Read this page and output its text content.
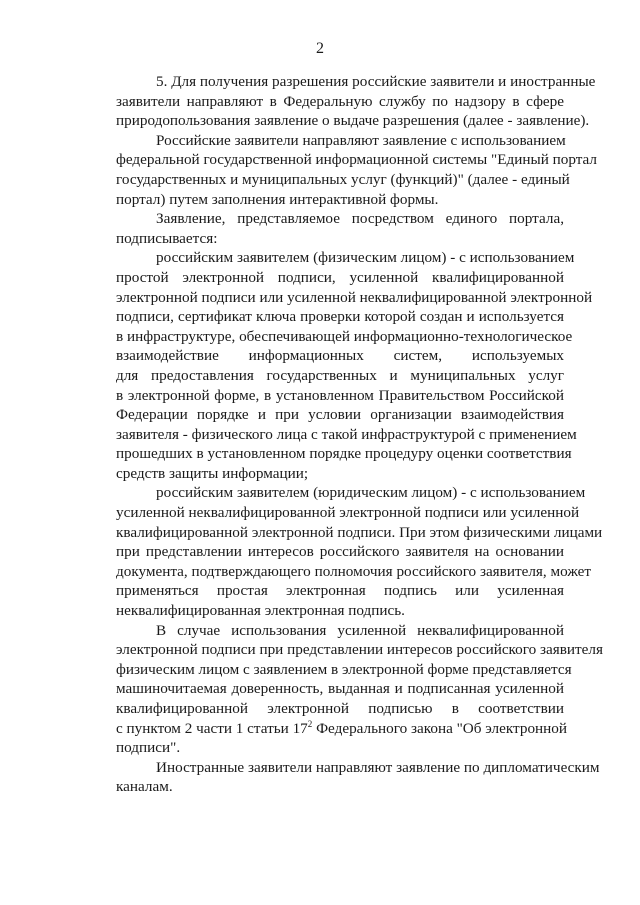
2
5. Для получения разрешения российские заявители и иностранные
заявители направляют в Федеральную службу по надзору в сфере
природопользования заявление о выдаче разрешения (далее - заявление).
Российские заявители направляют заявление с использованием
федеральной государственной информационной системы "Единый портал
государственных и муниципальных услуг (функций)" (далее - единый
портал) путем заполнения интерактивной формы.
Заявление, представляемое посредством единого портала,
подписывается:
российским заявителем (физическим лицом) - с использованием
простой электронной подписи, усиленной квалифицированной
электронной подписи или усиленной неквалифицированной электронной
подписи, сертификат ключа проверки которой создан и используется
в инфраструктуре, обеспечивающей информационно-технологическое
взаимодействие информационных систем, используемых
для предоставления государственных и муниципальных услуг
в электронной форме, в установленном Правительством Российской
Федерации порядке и при условии организации взаимодействия
заявителя - физического лица с такой инфраструктурой с применением
прошедших в установленном порядке процедуру оценки соответствия
средств защиты информации;
российским заявителем (юридическим лицом) - с использованием
усиленной неквалифицированной электронной подписи или усиленной
квалифицированной электронной подписи. При этом физическими лицами
при представлении интересов российского заявителя на основании
документа, подтверждающего полномочия российского заявителя, может
применяться простая электронная подпись или усиленная
неквалифицированная электронная подпись.
В случае использования усиленной неквалифицированной
электронной подписи при представлении интересов российского заявителя
физическим лицом с заявлением в электронной форме представляется
машиночитаемая доверенность, выданная и подписанная усиленной
квалифицированной электронной подписью в соответствии
с пунктом 2 части 1 статьи $17^2$ Федерального закона "Об электронной
подписи".
Иностранные заявители направляют заявление по дипломатическим
каналам.
